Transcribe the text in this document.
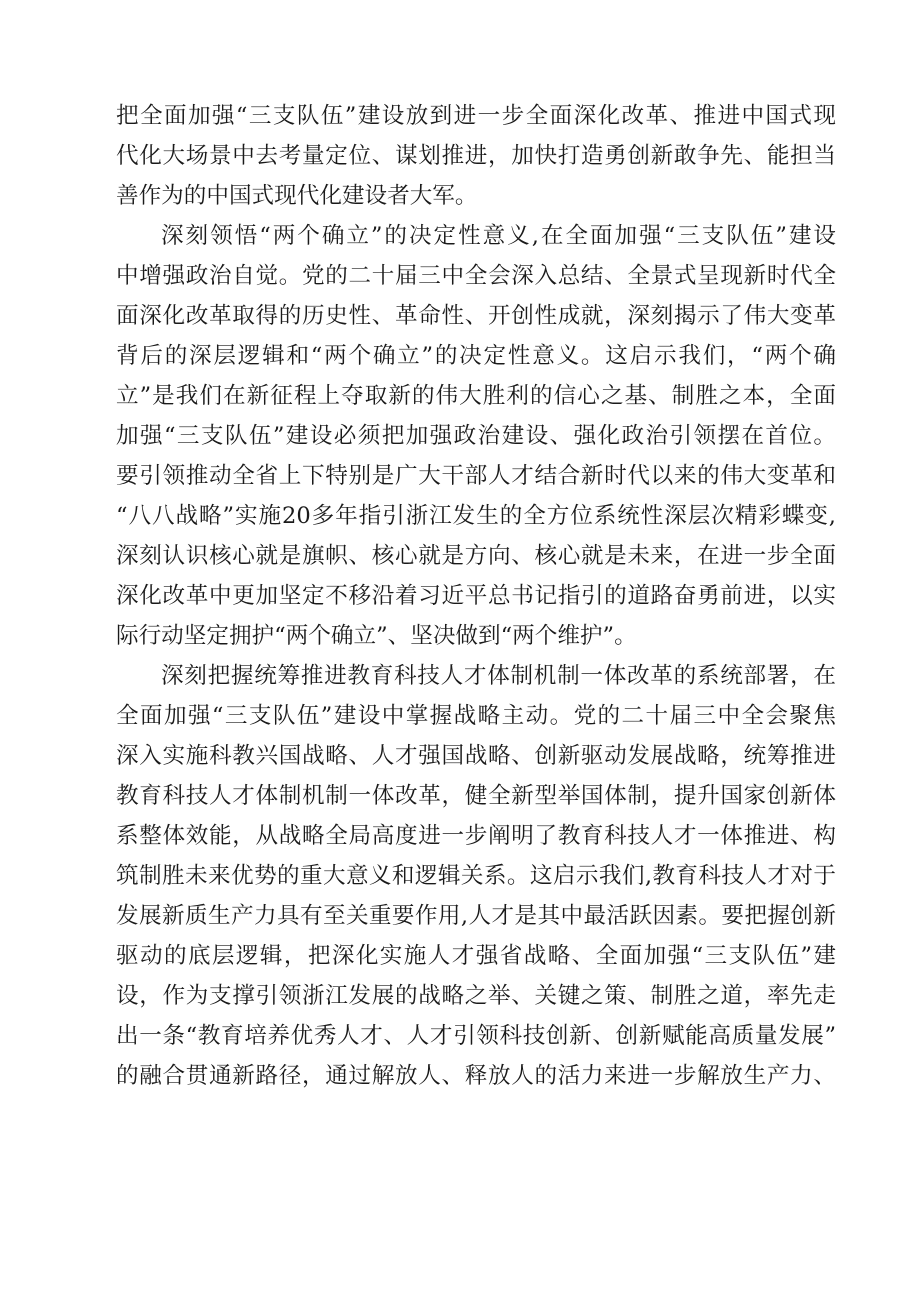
把全面加强“三支队伍”建设放到进一步全面深化改革、推进中国式现
代化大场景中去考量定位、谋划推进，加快打造勇创新敢争先、能担当
善作为的中国式现代化建设者大军。
深刻领悟“两个确立”的决定性意义,在全面加强“三支队伍”建设
中增强政治自觉。党的二十届三中全会深入总结、全景式呈现新时代全
面深化改革取得的历史性、革命性、开创性成就，深刻揭示了伟大变革
背后的深层逻辑和“两个确立”的决定性意义。这启示我们，“两个确
立”是我们在新征程上夺取新的伟大胜利的信心之基、制胜之本，全面
加强“三支队伍”建设必须把加强政治建设、强化政治引领摆在首位。
要引领推动全省上下特别是广大干部人才结合新时代以来的伟大变革和
“八八战略”实施20多年指引浙江发生的全方位系统性深层次精彩蝶变,
深刻认识核心就是旗帜、核心就是方向、核心就是未来，在进一步全面
深化改革中更加坚定不移沿着习近平总书记指引的道路奋勇前进，以实
际行动坚定拥护“两个确立”、坚决做到“两个维护”。
深刻把握统筹推进教育科技人才体制机制一体改革的系统部署，在
全面加强“三支队伍”建设中掌握战略主动。党的二十届三中全会聚焦
深入实施科教兴国战略、人才强国战略、创新驱动发展战略，统筹推进
教育科技人才体制机制一体改革，健全新型举国体制，提升国家创新体
系整体效能，从战略全局高度进一步阐明了教育科技人才一体推进、构
筑制胜未来优势的重大意义和逻辑关系。这启示我们,教育科技人才对于
发展新质生产力具有至关重要作用,人才是其中最活跃因素。要把握创新
驱动的底层逻辑，把深化实施人才强省战略、全面加强“三支队伍”建
设，作为支撑引领浙江发展的战略之举、关键之策、制胜之道，率先走
出一条“教育培养优秀人才、人才引领科技创新、创新赋能高质量发展”
的融合贯通新路径，通过解放人、释放人的活力来进一步解放生产力、
